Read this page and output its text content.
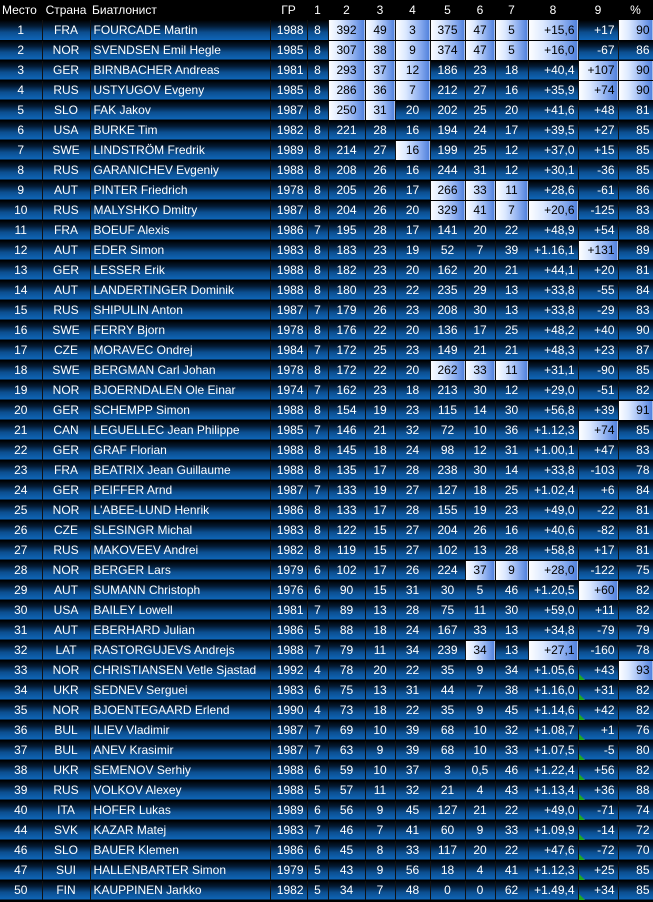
Место	Страна	Биатлонист	ГР	1	2	3	4	5	6	7	8	9	%
1	FRA	FOURCADE Martin	1988	8	392	49	3	375	47	5	+15,6	+17	90
2	NOR	SVENDSEN Emil Hegle	1985	8	307	38	9	374	47	5	+16,0	-67	86
3	GER	BIRNBACHER Andreas	1981	8	293	37	12	186	23	18	+40,4	+107	90
4	RUS	USTYUGOV Evgeny	1985	8	286	36	7	212	27	16	+35,9	+74	90
5	SLO	FAK Jakov	1987	8	250	31	20	202	25	20	+41,6	+48	81
6	USA	BURKE Tim	1982	8	221	28	16	194	24	17	+39,5	+27	85
7	SWE	LINDSTRÖM Fredrik	1989	8	214	27	16	199	25	12	+37,0	+15	85
8	RUS	GARANICHEV Evgeniy	1988	8	208	26	16	244	31	12	+30,1	-36	85
9	AUT	PINTER Friedrich	1978	8	205	26	17	266	33	11	+28,6	-61	86
10	RUS	MALYSHKO Dmitry	1987	8	204	26	20	329	41	7	+20,6	-125	83
11	FRA	BOEUF Alexis	1986	7	195	28	17	141	20	22	+48,9	+54	88
12	AUT	EDER Simon	1983	8	183	23	19	52	7	39	+1.16,1	+131	89
13	GER	LESSER Erik	1988	8	182	23	20	162	20	21	+44,1	+20	81
14	AUT	LANDERTINGER Dominik	1988	8	180	23	22	235	29	13	+33,8	-55	84
15	RUS	SHIPULIN Anton	1987	7	179	26	23	208	30	13	+33,8	-29	83
16	SWE	FERRY Bjorn	1978	8	176	22	20	136	17	25	+48,2	+40	90
17	CZE	MORAVEC Ondrej	1984	7	172	25	23	149	21	21	+48,3	+23	87
18	SWE	BERGMAN Carl Johan	1978	8	172	22	20	262	33	11	+31,1	-90	85
19	NOR	BJOERNDALEN Ole Einar	1974	7	162	23	18	213	30	12	+29,0	-51	82
20	GER	SCHEMPP Simon	1988	8	154	19	23	115	14	30	+56,8	+39	91
21	CAN	LEGUELLEC Jean Philippe	1985	7	146	21	32	72	10	36	+1.12,3	+74	85
22	GER	GRAF Florian	1988	8	145	18	24	98	12	31	+1.00,1	+47	83
23	FRA	BEATRIX Jean Guillaume	1988	8	135	17	28	238	30	14	+33,8	-103	78
24	GER	PEIFFER Arnd	1987	7	133	19	27	127	18	25	+1.02,4	+6	84
25	NOR	L'ABEE-LUND Henrik	1986	8	133	17	28	155	19	23	+49,0	-22	81
26	CZE	SLESINGR Michal	1983	8	122	15	27	204	26	16	+40,6	-82	81
27	RUS	MAKOVEEV Andrei	1982	8	119	15	27	102	13	28	+58,8	+17	81
28	NOR	BERGER Lars	1979	6	102	17	26	224	37	9	+28,0	-122	75
29	AUT	SUMANN Christoph	1976	6	90	15	31	30	5	46	+1.20,5	+60	82
30	USA	BAILEY Lowell	1981	7	89	13	28	75	11	30	+59,0	+11	82
31	AUT	EBERHARD Julian	1986	5	88	18	24	167	33	13	+34,8	-79	79
32	LAT	RASTORGUJEVS Andrejs	1988	7	79	11	34	239	34	13	+27,1	-160	78
33	NOR	CHRISTIANSEN Vetle Sjastad	1992	4	78	20	22	35	9	34	+1.05,6	+43	93
34	UKR	SEDNEV Serguei	1983	6	75	13	31	44	7	38	+1.16,0	+31	82
35	NOR	BJOENTEGAARD Erlend	1990	4	73	18	22	35	9	45	+1.14,6	+42	82
36	BUL	ILIEV Vladimir	1987	7	69	10	39	68	10	32	+1.08,7	+1	76
37	BUL	ANEV Krasimir	1987	7	63	9	39	68	10	33	+1.07,5	-5	80
38	UKR	SEMENOV Serhiy	1988	6	59	10	37	3	0,5	46	+1.22,4	+56	82
39	RUS	VOLKOV Alexey	1988	5	57	11	32	21	4	43	+1.13,4	+36	88
40	ITA	HOFER Lukas	1989	6	56	9	45	127	21	22	+49,0	-71	74
44	SVK	KAZAR Matej	1983	7	46	7	41	60	9	33	+1.09,9	-14	72
46	SLO	BAUER Klemen	1986	6	45	8	33	117	20	22	+47,6	-72	70
47	SUI	HALLENBARTER Simon	1979	5	43	9	56	18	4	41	+1.12,3	+25	85
50	FIN	KAUPPINEN Jarkko	1982	5	34	7	48	0	0	62	+1.49,4	+34	85
